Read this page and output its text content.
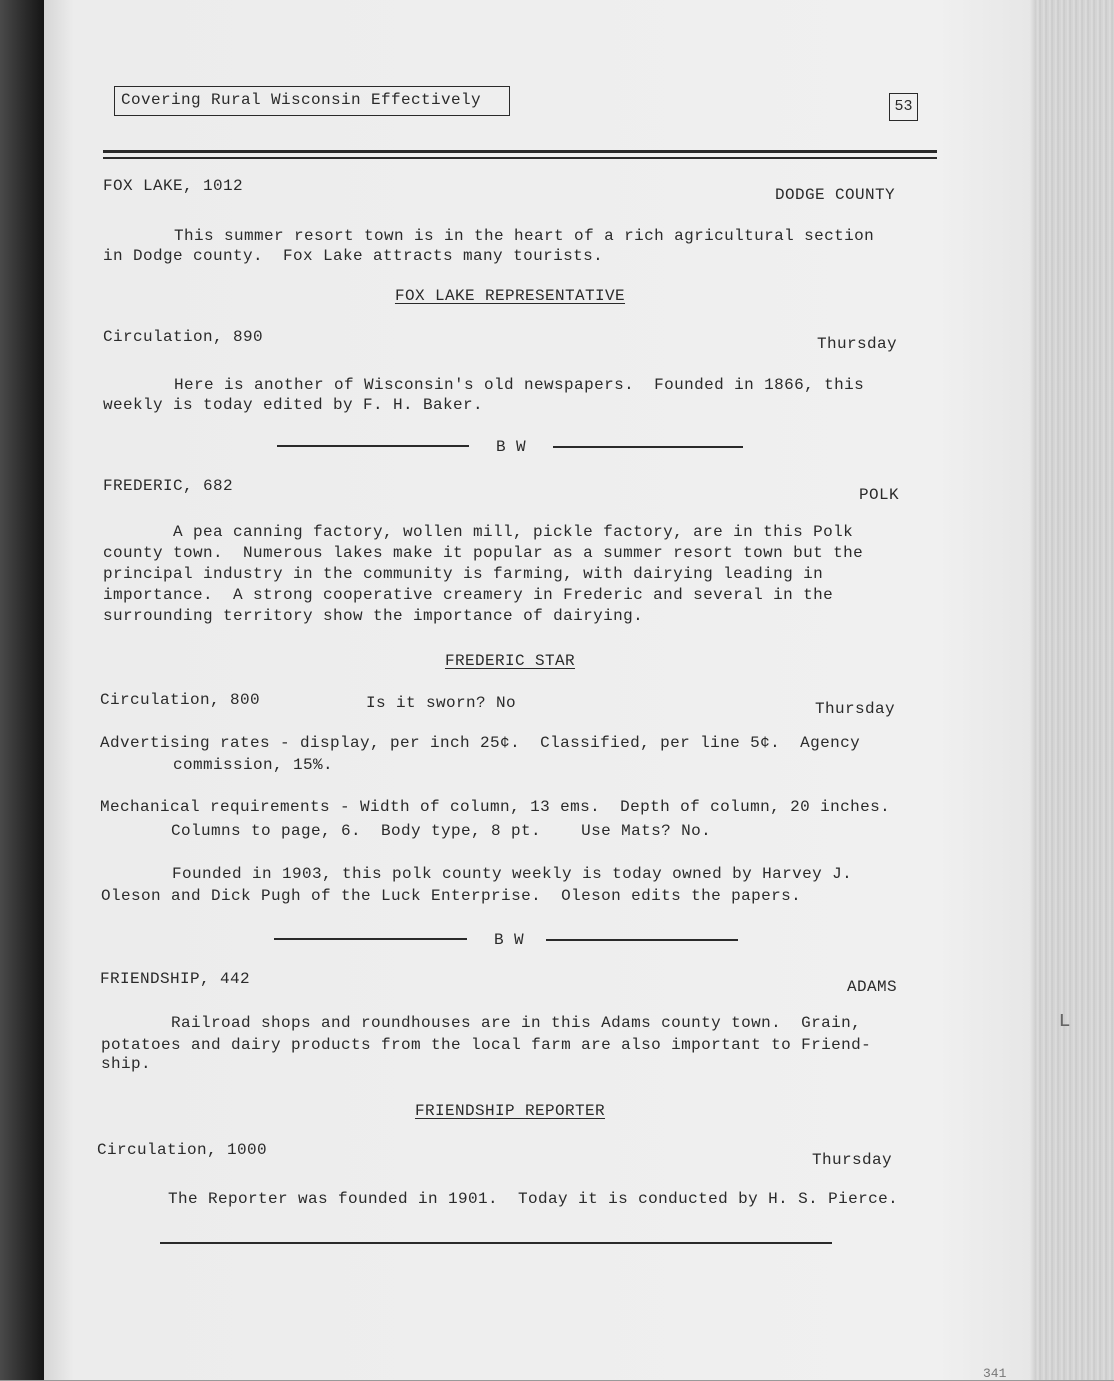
Covering Rural Wisconsin Effectively	53
FOX LAKE, 1012	DODGE COUNTY
This summer resort town is in the heart of a rich agricultural section
in Dodge county.  Fox Lake attracts many tourists.
FOX LAKE REPRESENTATIVE
Circulation, 890	Thursday
Here is another of Wisconsin's old newspapers.  Founded in 1866, this
weekly is today edited by F. H. Baker.
B W
FREDERIC, 682	POLK
A pea canning factory, wollen mill, pickle factory, are in this Polk
county town.  Numerous lakes make it popular as a summer resort town but the
principal industry in the community is farming, with dairying leading in
importance.  A strong cooperative creamery in Frederic and several in the
surrounding territory show the importance of dairying.
FREDERIC STAR
Circulation, 800	Is it sworn? No	Thursday
Advertising rates - display, per inch 25¢.  Classified, per line 5¢.  Agency
commission, 15%.
Mechanical requirements - Width of column, 13 ems.  Depth of column, 20 inches.
Columns to page, 6.  Body type, 8 pt.    Use Mats? No.
Founded in 1903, this polk county weekly is today owned by Harvey J.
Oleson and Dick Pugh of the Luck Enterprise.  Oleson edits the papers.
B W
FRIENDSHIP, 442	ADAMS
Railroad shops and roundhouses are in this Adams county town.  Grain,
potatoes and dairy products from the local farm are also important to Friend-
ship.
FRIENDSHIP REPORTER
Circulation, 1000
Thursday
The Reporter was founded in 1901.  Today it is conducted by H. S. Pierce.
ʟ
341
